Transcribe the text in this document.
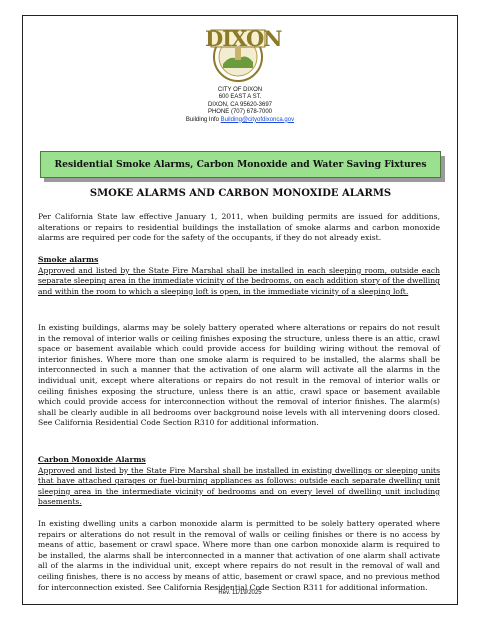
DIXON
CITY OF DIXON
600 EAST A ST.
DIXON, CA 95620-3697
PHONE (707) 678-7000
Building Info Building@cityofdixonca.gov
Residential Smoke Alarms, Carbon Monoxide and Water Saving Fixtures
SMOKE ALARMS AND CARBON MONOXIDE ALARMS
Per California State law effective January 1, 2011, when building permits are issued for additions, alterations or repairs to residential buildings the installation of smoke alarms and carbon monoxide alarms are required per code for the safety of the occupants, if they do not already exist.
Smoke alarms
Approved and listed by the State Fire Marshal shall be installed in each sleeping room, outside each separate sleeping area in the immediate vicinity of the bedrooms, on each addition story of the dwelling and within the room to which a sleeping loft is open, in the immediate vicinity of a sleeping loft.
In existing buildings, alarms may be solely battery operated where alterations or repairs do not result in the removal of interior walls or ceiling finishes exposing the structure, unless there is an attic, crawl space or basement available which could provide access for building wiring without the removal of interior finishes. Where more than one smoke alarm is required to be installed, the alarms shall be interconnected in such a manner that the activation of one alarm will activate all the alarms in the individual unit, except where alterations or repairs do not result in the removal of interior walls or ceiling finishes exposing the structure, unless there is an attic, crawl space or basement available which could provide access for interconnection without the removal of interior finishes. The alarm(s) shall be clearly audible in all bedrooms over background noise levels with all intervening doors closed. See California Residential Code Section R310 for additional information.
Carbon Monoxide Alarms
Approved and listed by the State Fire Marshal shall be installed in existing dwellings or sleeping units that have attached garages or fuel-burning appliances as follows: outside each separate dwelling unit sleeping area in the intermediate vicinity of bedrooms and on every level of dwelling unit including basements.
In existing dwelling units a carbon monoxide alarm is permitted to be solely battery operated where repairs or alterations do not result in the removal of walls or ceiling finishes or there is no access by means of attic, basement or crawl space. Where more than one carbon monoxide alarm is required to be installed, the alarms shall be interconnected in a manner that activation of one alarm shall activate all of the alarms in the individual unit, except where repairs do not result in the removal of wall and ceiling finishes, there is no access by means of attic, basement or crawl space, and no previous method for interconnection existed. See California Residential Code Section R311 for additional information.
Rev. 11/19/2025
